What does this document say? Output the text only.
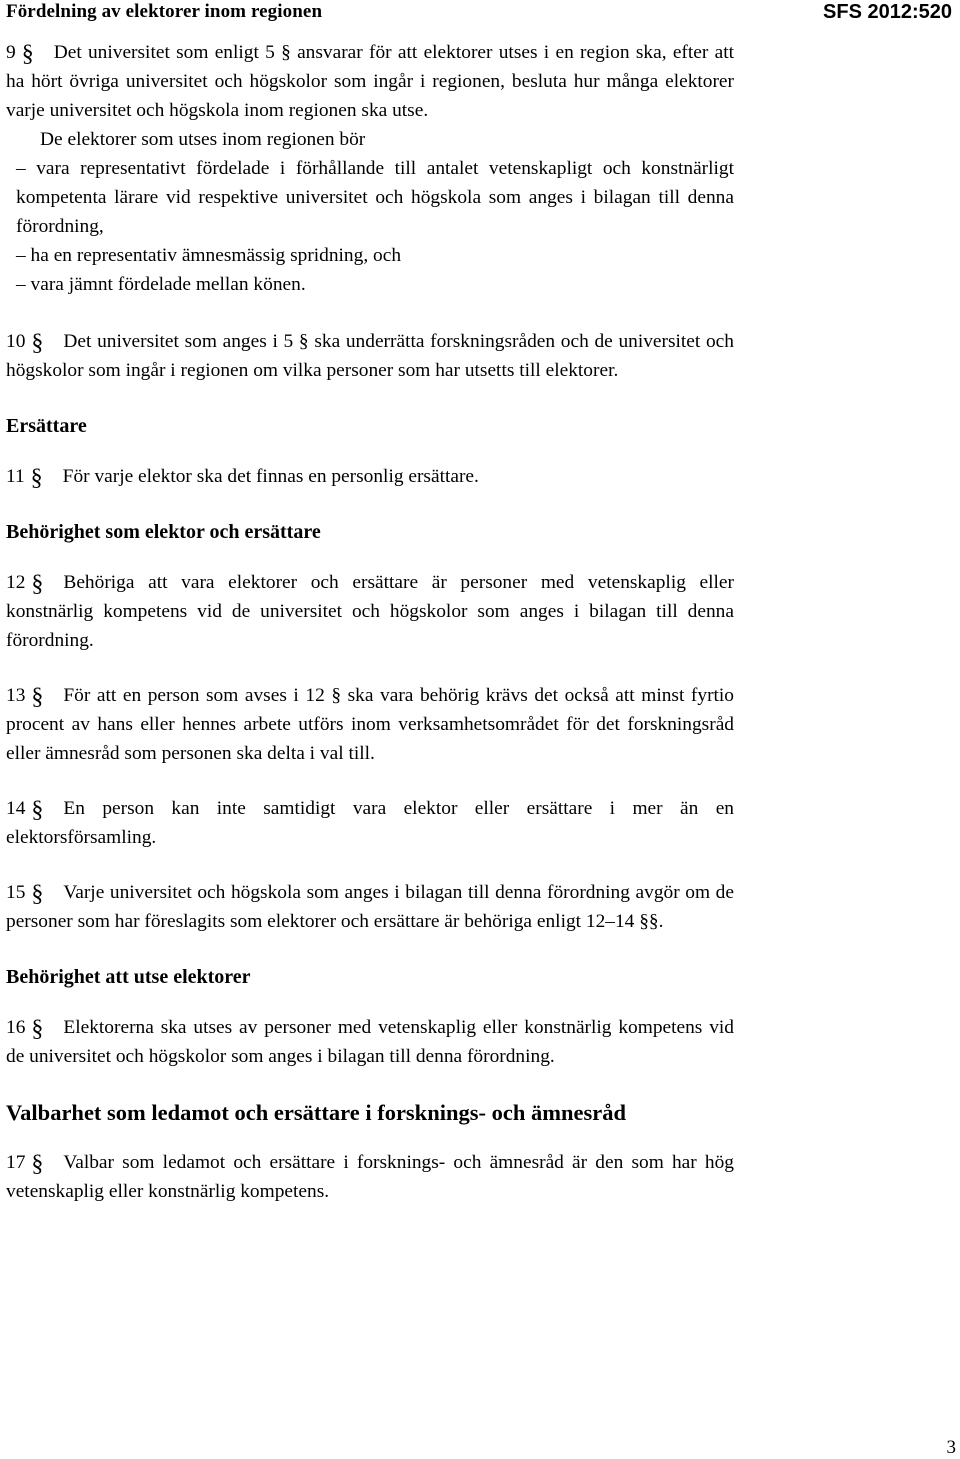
Fördelning av elektorer inom regionen	SFS 2012:520

9 § Det universitet som enligt 5 § ansvarar för att elektorer utses i en region ska, efter att ha hört övriga universitet och högskolor som ingår i regionen, besluta hur många elektorer varje universitet och högskola inom regionen ska utse.

De elektorer som utses inom regionen bör

– vara representativt fördelade i förhållande till antalet vetenskapligt och konstnärligt kompetenta lärare vid respektive universitet och högskola som anges i bilagan till denna förordning,

– ha en representativ ämnesmässig spridning, och

– vara jämnt fördelade mellan könen.

10 § Det universitet som anges i 5 § ska underrätta forskningsråden och de universitet och högskolor som ingår i regionen om vilka personer som har utsetts till elektorer.

Ersättare

11 § För varje elektor ska det finnas en personlig ersättare.

Behörighet som elektor och ersättare

12 § Behöriga att vara elektorer och ersättare är personer med vetenskaplig eller konstnärlig kompetens vid de universitet och högskolor som anges i bilagan till denna förordning.

13 § För att en person som avses i 12 § ska vara behörig krävs det också att minst fyrtio procent av hans eller hennes arbete utförs inom verksamhetsområdet för det forskningsråd eller ämnesråd som personen ska delta i val till.

14 § En person kan inte samtidigt vara elektor eller ersättare i mer än en elektorsförsamling.

15 § Varje universitet och högskola som anges i bilagan till denna förordning avgör om de personer som har föreslagits som elektorer och ersättare är behöriga enligt 12–14 §§.

Behörighet att utse elektorer

16 § Elektorerna ska utses av personer med vetenskaplig eller konstnärlig kompetens vid de universitet och högskolor som anges i bilagan till denna förordning.

Valbarhet som ledamot och ersättare i forsknings- och ämnesråd

17 § Valbar som ledamot och ersättare i forsknings- och ämnesråd är den som har hög vetenskaplig eller konstnärlig kompetens.

3
